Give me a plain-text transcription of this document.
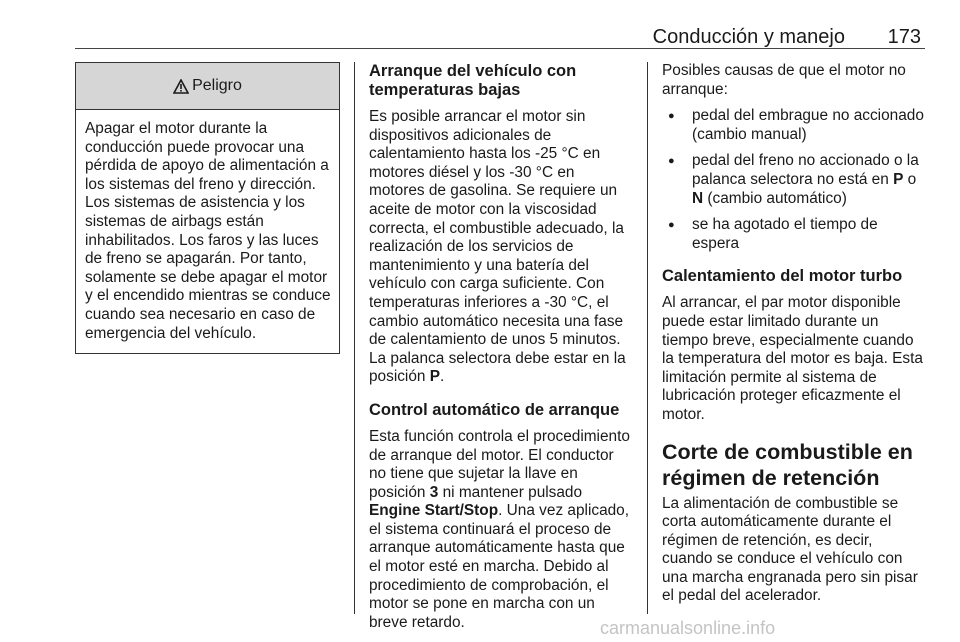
Conducción y manejo 173
Peligro
Apagar el motor durante la conducción puede provocar una pérdida de apoyo de alimentación a los sistemas del freno y dirección. Los sistemas de asistencia y los sistemas de airbags están inhabilitados. Los faros y las luces de freno se apagarán. Por tanto, solamente se debe apagar el motor y el encendido mientras se conduce cuando sea necesario en caso de emergencia del vehículo.
Arranque del vehículo con temperaturas bajas

Es posible arrancar el motor sin dispositivos adicionales de calentamiento hasta los -25 °C en motores diésel y los -30 °C en motores de gasolina. Se requiere un aceite de motor con la viscosidad correcta, el combustible adecuado, la realización de los servicios de mantenimiento y una batería del vehículo con carga suficiente. Con temperaturas inferiores a -30 °C, el cambio automático necesita una fase de calentamiento de unos 5 minutos. La palanca selectora debe estar en la posición P.

Control automático de arranque

Esta función controla el procedimiento de arranque del motor. El conductor no tiene que sujetar la llave en posición 3 ni mantener pulsado Engine Start/Stop. Una vez aplicado, el sistema continuará el proceso de arranque automáticamente hasta que el motor esté en marcha. Debido al procedimiento de comprobación, el motor se pone en marcha con un breve retardo.

Posibles causas de que el motor no arranque:

● pedal del embrague no accionado (cambio manual)
● pedal del freno no accionado o la palanca selectora no está en P o N (cambio automático)
● se ha agotado el tiempo de espera
Calentamiento del motor turbo

Al arrancar, el par motor disponible puede estar limitado durante un tiempo breve, especialmente cuando la temperatura del motor es baja. Esta limitación permite al sistema de lubricación proteger eficazmente el motor.

Corte de combustible en régimen de retención

La alimentación de combustible se corta automáticamente durante el régimen de retención, es decir, cuando se conduce el vehículo con una marcha engranada pero sin pisar el pedal del acelerador.

carmanualsonline.info
